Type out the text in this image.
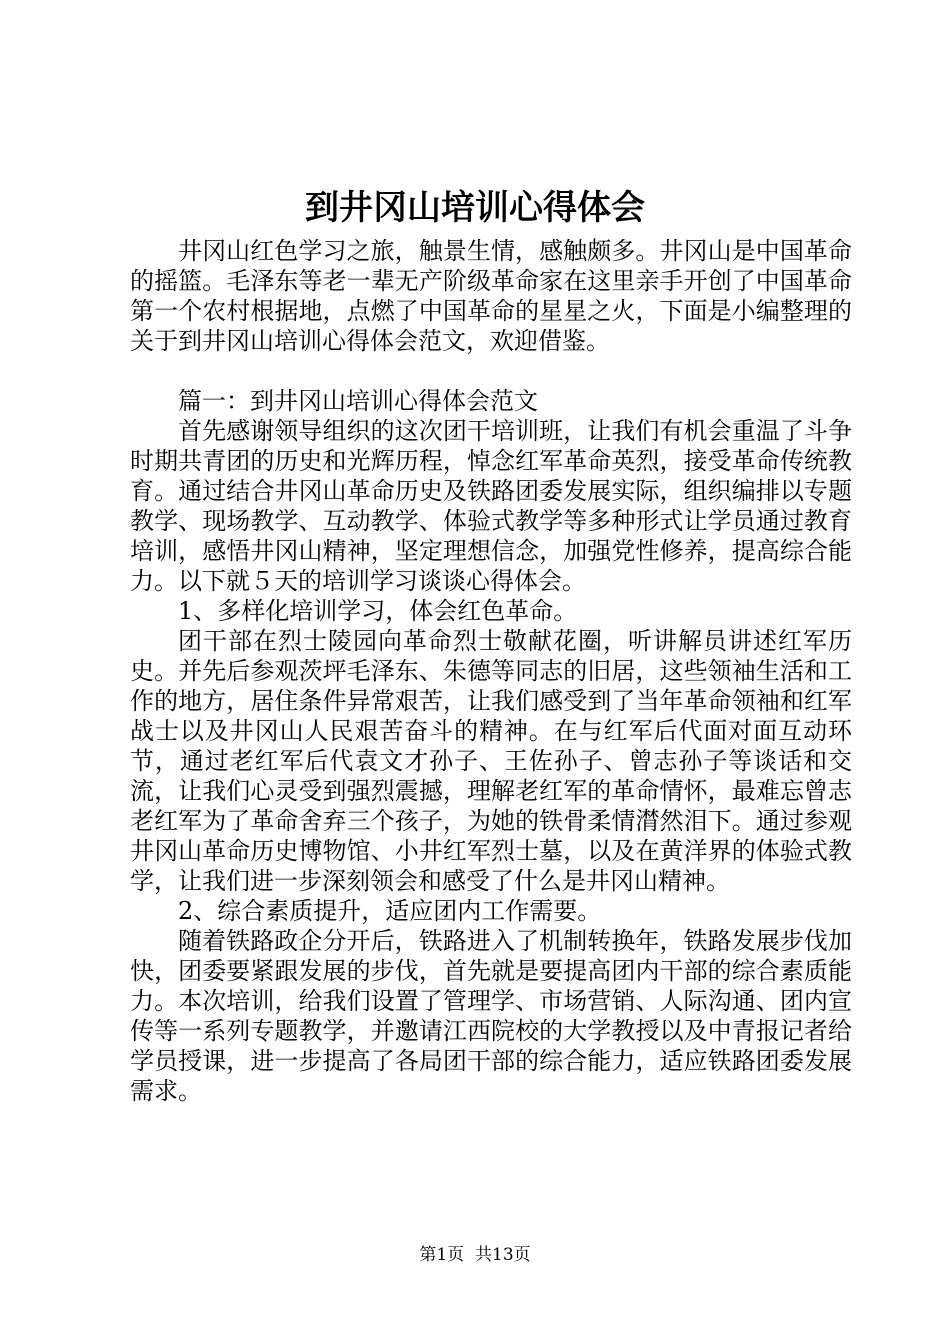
到井冈山培训心得体会

井冈山红色学习之旅，触景生情，感触颇多。井冈山是中国革命的摇篮。毛泽东等老一辈无产阶级革命家在这里亲手开创了中国革命第一个农村根据地，点燃了中国革命的星星之火，下面是小编整理的关于到井冈山培训心得体会范文，欢迎借鉴。

篇一：到井冈山培训心得体会范文

首先感谢领导组织的这次团干培训班，让我们有机会重温了斗争时期共青团的历史和光辉历程，悼念红军革命英烈，接受革命传统教育。通过结合井冈山革命历史及铁路团委发展实际，组织编排以专题教学、现场教学、互动教学、体验式教学等多种形式让学员通过教育培训，感悟井冈山精神，坚定理想信念，加强党性修养，提高综合能力。以下就５天的培训学习谈谈心得体会。

1、多样化培训学习，体会红色革命。

团干部在烈士陵园向革命烈士敬献花圈，听讲解员讲述红军历史。并先后参观茨坪毛泽东、朱德等同志的旧居，这些领袖生活和工作的地方，居住条件异常艰苦，让我们感受到了当年革命领袖和红军战士以及井冈山人民艰苦奋斗的精神。在与红军后代面对面互动环节，通过老红军后代袁文才孙子、王佐孙子、曾志孙子等谈话和交流，让我们心灵受到强烈震撼，理解老红军的革命情怀，最难忘曾志老红军为了革命舍弃三个孩子，为她的铁骨柔情潸然泪下。通过参观井冈山革命历史博物馆、小井红军烈士墓，以及在黄洋界的体验式教学，让我们进一步深刻领会和感受了什么是井冈山精神。

2、综合素质提升，适应团内工作需要。

随着铁路政企分开后，铁路进入了机制转换年，铁路发展步伐加快，团委要紧跟发展的步伐，首先就是要提高团内干部的综合素质能力。本次培训，给我们设置了管理学、市场营销、人际沟通、团内宣传等一系列专题教学，并邀请江西院校的大学教授以及中青报记者给学员授课，进一步提高了各局团干部的综合能力，适应铁路团委发展需求。

第1页 共13页
